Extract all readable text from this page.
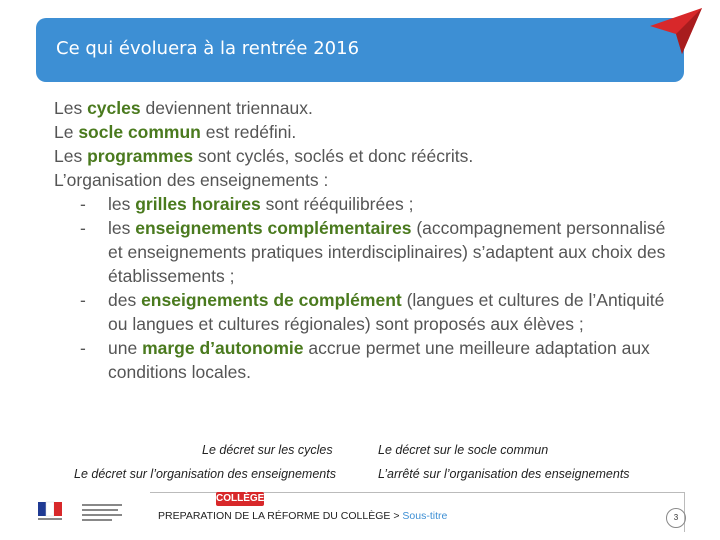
Ce qui évoluera à la rentrée 2016

Les cycles deviennent triennaux.

Le socle commun est redéfini.

Les programmes sont cyclés, soclés et donc réécrits.

L’organisation des enseignements :

- les grilles horaires sont rééquilibrées ;
- les enseignements complémentaires (accompagnement personnalisé et enseignements pratiques interdisciplinaires) s’adaptent aux choix des établissements ;
- des enseignements de complément (langues et cultures de l’Antiquité ou langues et cultures régionales) sont proposés aux élèves ;
- une marge d’autonomie accrue permet une meilleure adaptation aux conditions locales.
Le décret sur les cycles	Le décret sur le socle commun
Le décret sur l’organisation des enseignements	L’arrêté sur l’organisation des enseignements
COLLÈGE
PREPARATION DE LA RÉFORME DU COLLÈGE > Sous-titre	3
